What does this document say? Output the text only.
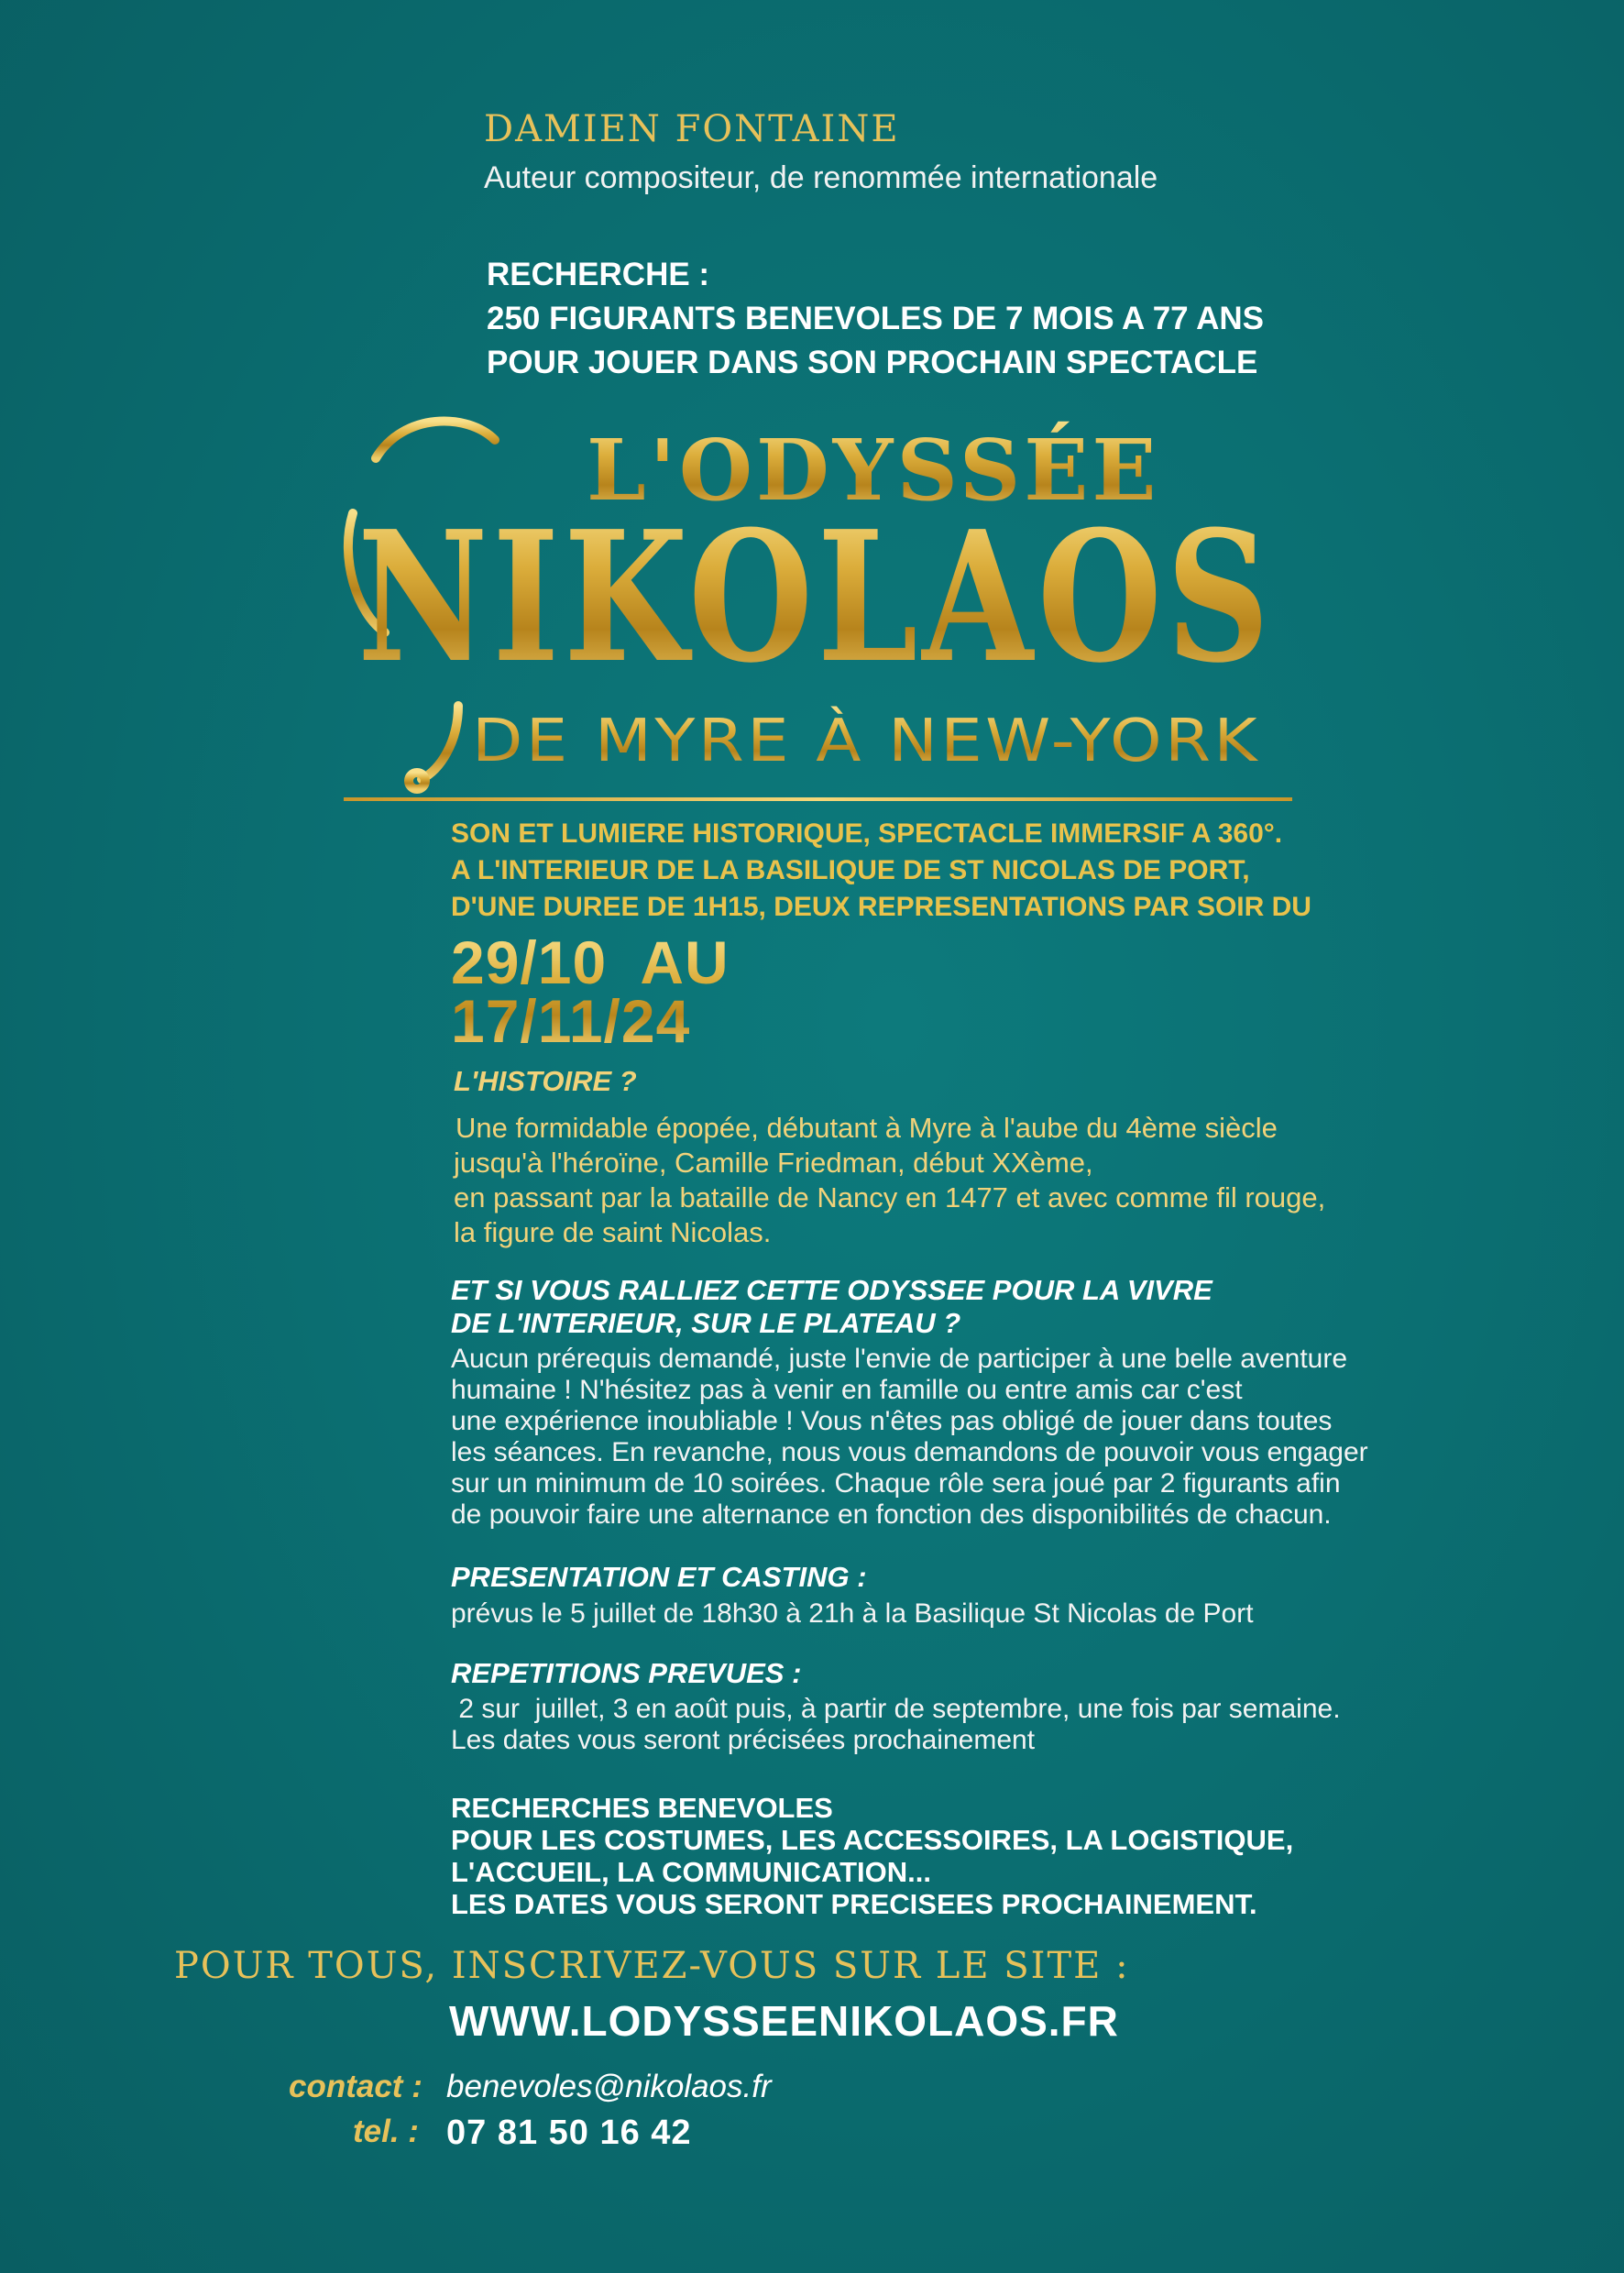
DAMIEN FONTAINE
Auteur compositeur, de renommée internationale
RECHERCHE :
250 FIGURANTS BENEVOLES DE 7 MOIS A 77 ANS
POUR JOUER DANS SON PROCHAIN SPECTACLE
L'ODYSSÉE
NIKOLAOS
DE MYRE À NEW-YORK
SON ET LUMIERE HISTORIQUE, SPECTACLE IMMERSIF A 360°.
A L'INTERIEUR DE LA BASILIQUE DE ST NICOLAS DE PORT,
D'UNE DUREE DE 1H15, DEUX REPRESENTATIONS PAR SOIR DU
29/10  AU
17/11/24
L'HISTOIRE ?
Une formidable épopée, débutant à Myre à l'aube du 4ème siècle
jusqu'à l'héroïne, Camille Friedman, début XXème,
en passant par la bataille de Nancy en 1477 et avec comme fil rouge,
la figure de saint Nicolas.
ET SI VOUS RALLIEZ CETTE ODYSSEE POUR LA VIVRE
DE L'INTERIEUR, SUR LE PLATEAU ?
Aucun prérequis demandé, juste l'envie de participer à une belle aventure
humaine ! N'hésitez pas à venir en famille ou entre amis car c'est
une expérience inoubliable ! Vous n'êtes pas obligé de jouer dans toutes
les séances. En revanche, nous vous demandons de pouvoir vous engager
sur un minimum de 10 soirées. Chaque rôle sera joué par 2 figurants afin
de pouvoir faire une alternance en fonction des disponibilités de chacun.
PRESENTATION ET CASTING :
prévus le 5 juillet de 18h30 à 21h à la Basilique St Nicolas de Port
REPETITIONS PREVUES :
2 sur  juillet, 3 en août puis, à partir de septembre, une fois par semaine.
Les dates vous seront précisées prochainement
RECHERCHES BENEVOLES
POUR LES COSTUMES, LES ACCESSOIRES, LA LOGISTIQUE,
L'ACCUEIL, LA COMMUNICATION...
LES DATES VOUS SERONT PRECISEES PROCHAINEMENT.
POUR TOUS, INSCRIVEZ-VOUS SUR LE SITE :
WWW.LODYSSEENIKOLAOS.FR
contact : benevoles@nikolaos.fr
tel. : 07 81 50 16 42
